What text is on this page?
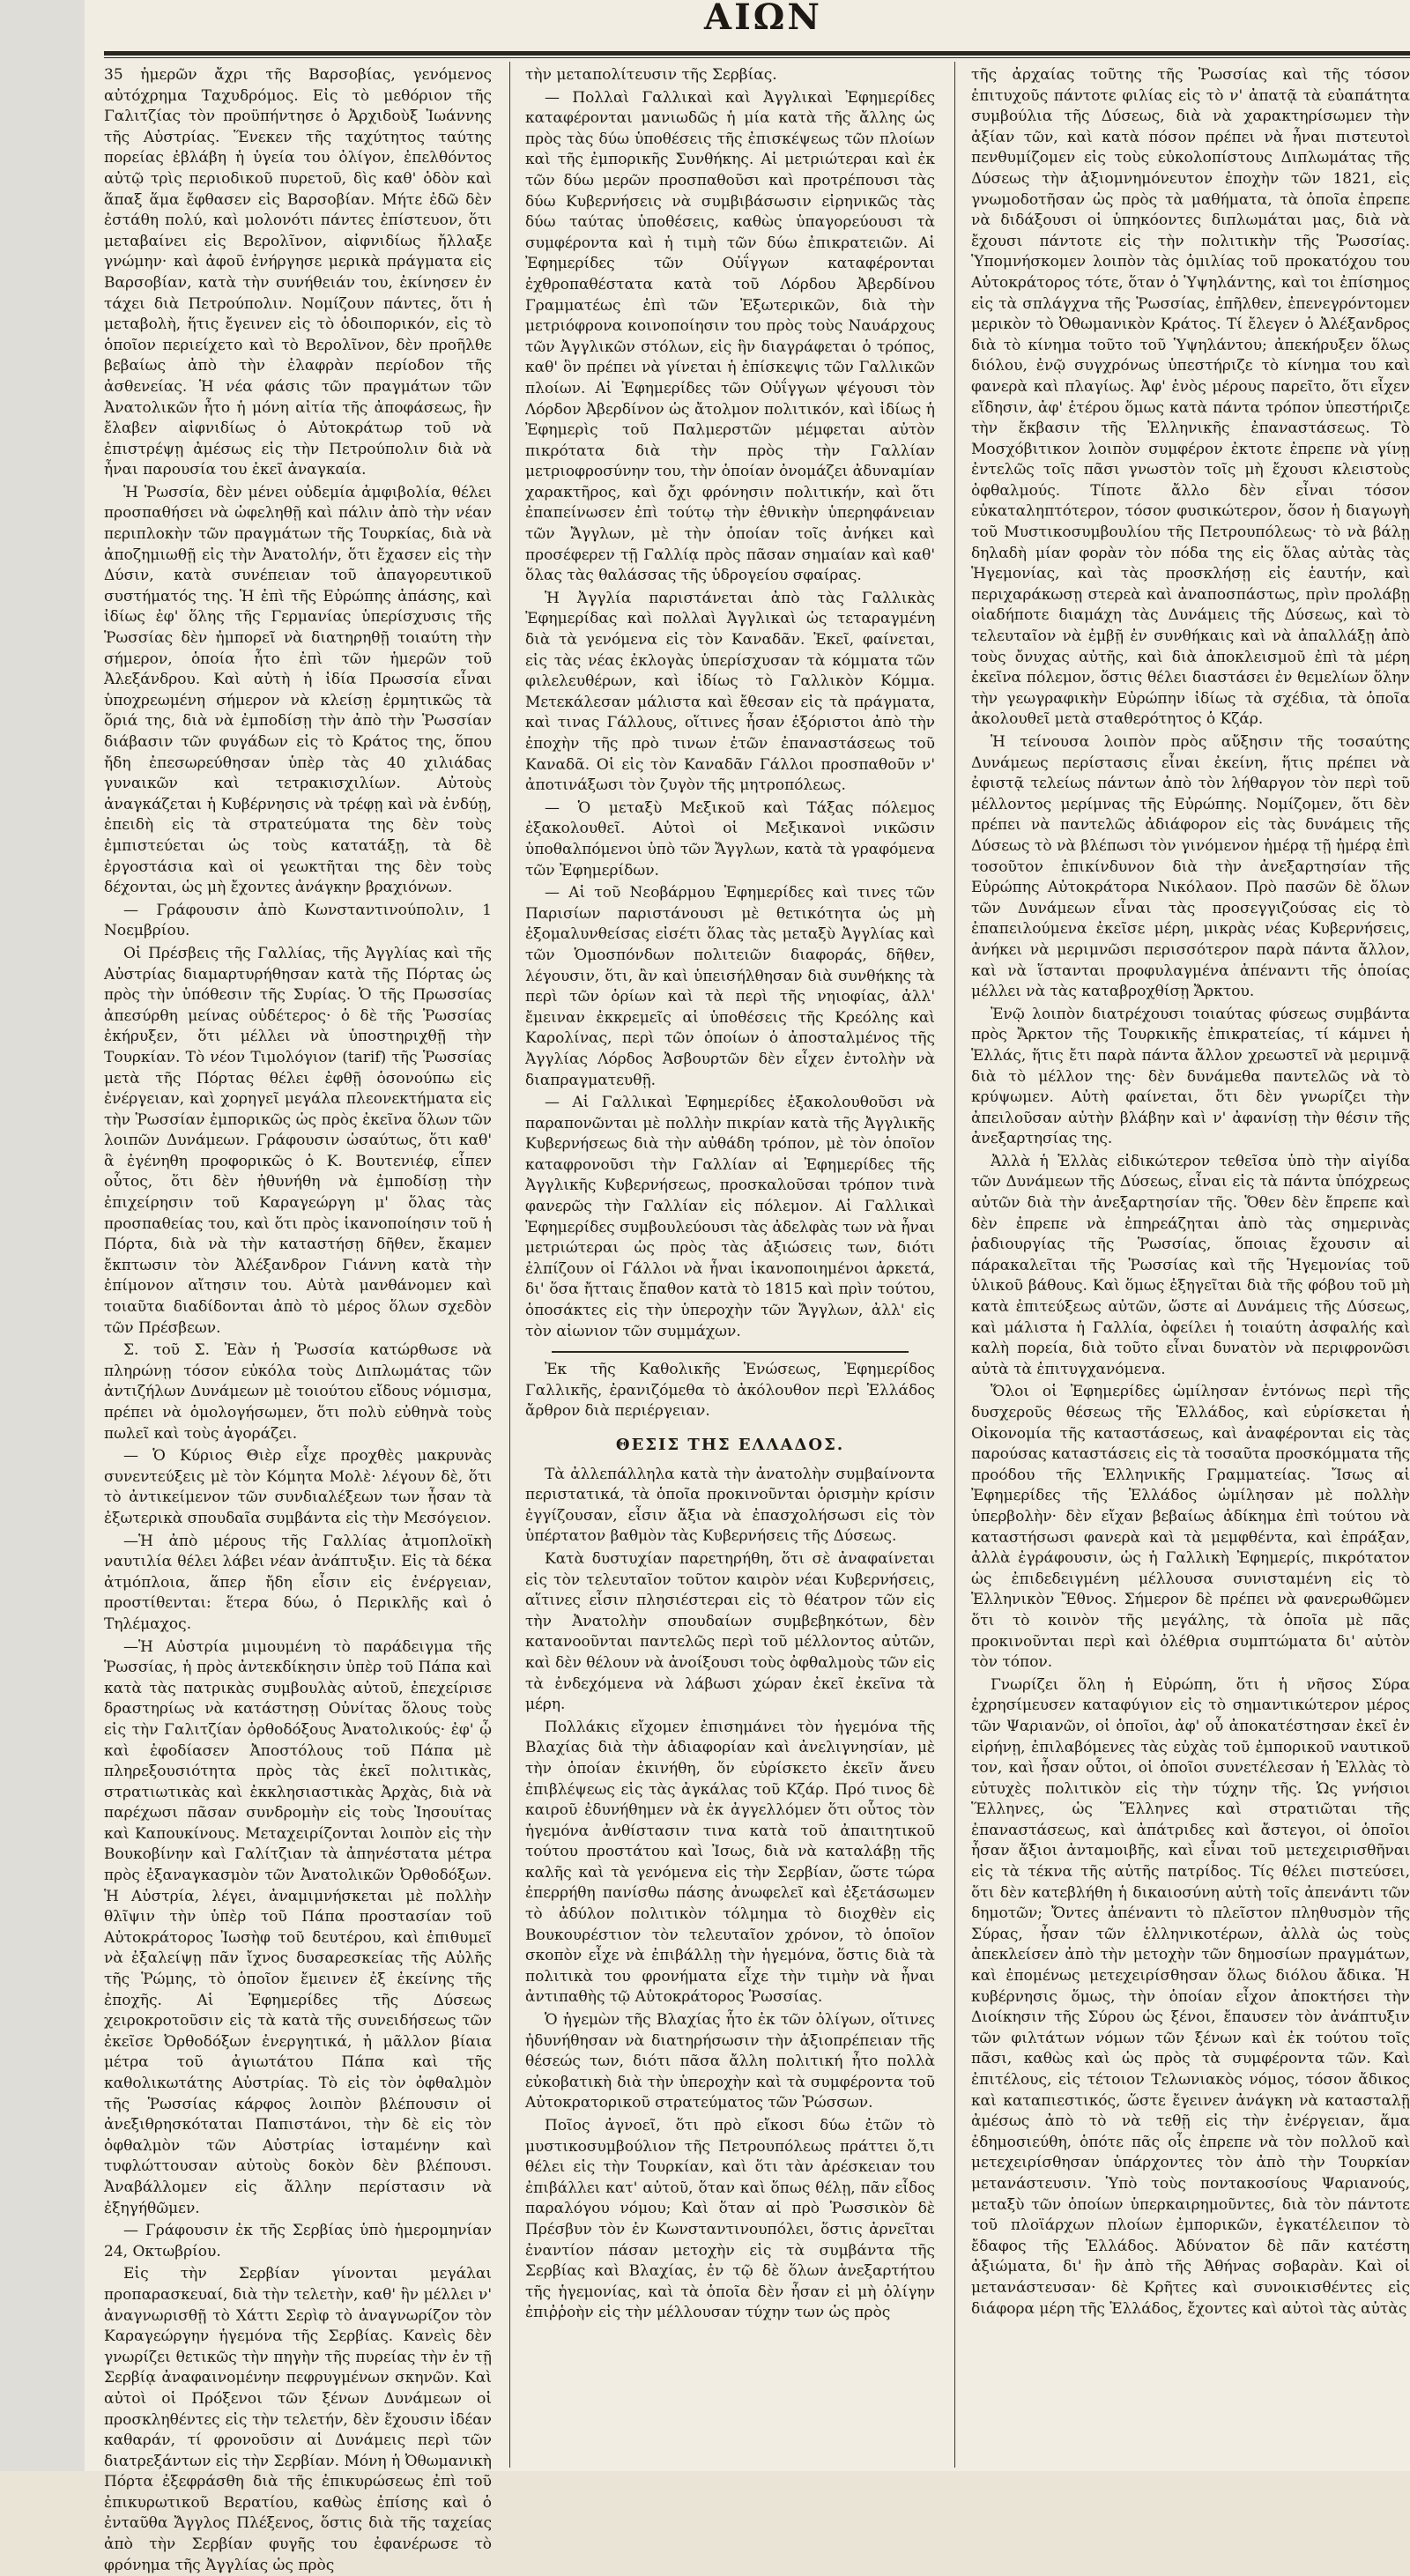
ΑΙΩΝ

35 ἡμερῶν ἄχρι τῆς Βαρσοβίας, γενόμενος αὐτόχρημα Ταχυδρόμος. Εἰς τὸ μεθόριον τῆς Γαλιτζίας τὸν προϋπήντησε ὁ Ἀρχιδοὺξ Ἰωάννης τῆς Αὐστρίας. Ἕνεκεν τῆς ταχύτητος ταύτης πορείας ἐβλάβη ἡ ὑγεία του ὀλίγον, ἐπελθόντος αὐτῷ τρὶς περιοδικοῦ πυρετοῦ, δὶς καθ' ὁδὸν καὶ ἅπαξ ἅμα ἔφθασεν εἰς Βαρσοβίαν. Μήτε ἐδῶ δὲν ἐστάθη πολύ, καὶ μολονότι πάντες ἐπίστευον, ὅτι μεταβαίνει εἰς Βερολῖνον, αἰφνιδίως ἤλλαξε γνώμην· καὶ ἀφοῦ ἐνήργησε μερικὰ πράγματα εἰς Βαρσοβίαν, κατὰ τὴν συνήθειάν του, ἐκίνησεν ἐν τάχει διὰ Πετρούπολιν. Νομίζουν πάντες, ὅτι ἡ μεταβολὴ, ἥτις ἔγεινεν εἰς τὸ ὁδοιπορικόν, εἰς τὸ ὁποῖον περιείχετο καὶ τὸ Βερολῖνον, δὲν προῆλθε βεβαίως ἀπὸ τὴν ἐλαφρὰν περίοδον τῆς ἀσθενείας. Ἡ νέα φάσις τῶν πραγμάτων τῶν Ἀνατολικῶν ἦτο ἡ μόνη αἰτία τῆς ἀποφάσεως, ἣν ἔλαβεν αἰφνιδίως ὁ Αὐτοκράτωρ τοῦ νὰ ἐπιστρέψῃ ἀμέσως εἰς τὴν Πετρούπολιν διὰ νὰ ἦναι παρουσία του ἐκεῖ ἀναγκαία.

Ἡ Ῥωσσία, δὲν μένει οὐδεμία ἀμφιβολία, θέλει προσπαθήσει νὰ ὠφεληθῇ καὶ πάλιν ἀπὸ τὴν νέαν περιπλοκὴν τῶν πραγμάτων τῆς Τουρκίας, διὰ νὰ ἀποζημιωθῇ εἰς τὴν Ἀνατολήν, ὅτι ἔχασεν εἰς τὴν Δύσιν, κατὰ συνέπειαν τοῦ ἀπαγορευτικοῦ συστήματός της. Ἡ ἐπὶ τῆς Εὐρώπης ἀπάσης, καὶ ἰδίως ἐφ' ὅλης τῆς Γερμανίας ὑπερίσχυσις τῆς Ῥωσσίας δὲν ἠμπορεῖ νὰ διατηρηθῇ τοιαύτη τὴν σήμερον, ὁποία ἦτο ἐπὶ τῶν ἡμερῶν τοῦ Ἀλεξάνδρου. Καὶ αὐτὴ ἡ ἰδία Πρωσσία εἶναι ὑποχρεωμένη σήμερον νὰ κλείσῃ ἐρμητικῶς τὰ ὅριά της, διὰ νὰ ἐμποδίσῃ τὴν ἀπὸ τὴν Ῥωσσίαν διάβασιν τῶν φυγάδων εἰς τὸ Κράτος της, ὅπου ἤδη ἐπεσωρεύθησαν ὑπὲρ τὰς 40 χιλιάδας γυναικῶν καὶ τετρακισχιλίων. Αὐτοὺς ἀναγκάζεται ἡ Κυβέρνησις νὰ τρέφῃ καὶ νὰ ἐνδύῃ, ἐπειδὴ εἰς τὰ στρατεύματα της δὲν τοὺς ἐμπιστεύεται ὡς τοὺς κατατάξῃ, τὰ δὲ ἐργοστάσια καὶ οἱ γεωκτῆται της δὲν τοὺς δέχονται, ὡς μὴ ἔχοντες ἀνάγκην βραχιόνων.

— Γράφουσιν ἀπὸ Κωνσταντινούπολιν, 1 Νοεμβρίου.

Οἱ Πρέσβεις τῆς Γαλλίας, τῆς Ἀγγλίας καὶ τῆς Αὐστρίας διαμαρτυρήθησαν κατὰ τῆς Πόρτας ὡς πρὸς τὴν ὑπόθεσιν τῆς Συρίας. Ὁ τῆς Πρωσσίας ἀπεσύρθη μείνας οὐδέτερος· ὁ δὲ τῆς Ῥωσσίας ἐκήρυξεν, ὅτι μέλλει νὰ ὑποστηριχθῇ τὴν Τουρκίαν. Τὸ νέον Τιμολόγιον (tarif) τῆς Ῥωσσίας μετὰ τῆς Πόρτας θέλει ἐφθῇ ὁσονούπω εἰς ἐνέργειαν, καὶ χορηγεῖ μεγάλα πλεονεκτήματα εἰς τὴν Ῥωσσίαν ἐμπορικῶς ὡς πρὸς ἐκεῖνα ὅλων τῶν λοιπῶν Δυνάμεων. Γράφουσιν ὡσαύτως, ὅτι καθ' ἃ ἐγένηθη προφορικῶς ὁ Κ. Βουτενιέφ, εἶπεν οὗτος, ὅτι δὲν ἠθυνήθη νὰ ἐμποδίσῃ τὴν ἐπιχείρησιν τοῦ Καραγεώργη μ' ὅλας τὰς προσπαθείας του, καὶ ὅτι πρὸς ἱκανοποίησιν τοῦ ἡ Πόρτα, διὰ νὰ τὴν καταστήσῃ δῆθεν, ἔκαμεν ἔκπτωσιν τὸν Ἀλέξανδρον Γιάννη κατὰ τὴν ἐπίμονον αἴτησιν του. Αὐτὰ μανθάνομεν καὶ τοιαῦτα διαδίδονται ἀπὸ τὸ μέρος ὅλων σχεδὸν τῶν Πρέσβεων.

Σ. τοῦ Σ. Ἐὰν ἡ Ῥωσσία κατώρθωσε νὰ πληρώνῃ τόσον εὐκόλα τοὺς Διπλωμάτας τῶν ἀντιζήλων Δυνάμεων μὲ τοιούτου εἴδους νόμισμα, πρέπει νὰ ὁμολογήσωμεν, ὅτι πολὺ εὐθηνὰ τοὺς πωλεῖ καὶ τοὺς ἀγοράζει.

— Ὁ Κύριος Θιὲρ εἶχε προχθὲς μακρυνὰς συνεντεύξεις μὲ τὸν Κόμητα Μολὲ· λέγουν δὲ, ὅτι τὸ ἀντικείμενον τῶν συνδιαλέξεων των ἦσαν τὰ ἐξωτερικὰ σπουδαῖα συμβάντα εἰς τὴν Μεσόγειον.

—Ἡ ἀπὸ μέρους τῆς Γαλλίας ἀτμοπλοϊκὴ ναυτιλία θέλει λάβει νέαν ἀνάπτυξιν. Εἰς τὰ δέκα ἀτμόπλοια, ἅπερ ἤδη εἶσιν εἰς ἐνέργειαν, προστίθενται: ἕτερα δύω, ὁ Περικλῆς καὶ ὁ Τηλέμαχος.

—Ἡ Αὐστρία μιμουμένη τὸ παράδειγμα τῆς Ῥωσσίας, ἡ πρὸς ἀντεκδίκησιν ὑπὲρ τοῦ Πάπα καὶ κατὰ τὰς πατρικὰς συμβουλὰς αὐτοῦ, ἐπεχείρισε δραστηρίως νὰ κατάστησῃ Οὐνίτας ὅλους τοὺς εἰς τὴν Γαλιτζίαν ὀρθοδόξους Ἀνατολικούς· ἐφ' ᾧ καὶ ἐφοδίασεν Ἀποστόλους τοῦ Πάπα μὲ πληρεξουσιότητα πρὸς τὰς ἐκεῖ πολιτικὰς, στρατιωτικὰς καὶ ἐκκλησιαστικὰς Ἀρχὰς, διὰ νὰ παρέχωσι πᾶσαν συνδρομὴν εἰς τοὺς Ἰησουίτας καὶ Καπουκίνους. Μεταχειρίζονται λοιπὸν εἰς τὴν Βουκοβίνην καὶ Γαλίτζιαν τὰ ἀπηνέστατα μέτρα πρὸς ἐξαναγκασμὸν τῶν Ἀνατολικῶν Ὀρθοδόξων. Ἡ Αὐστρία, λέγει, ἀναμιμνήσκεται μὲ πολλὴν θλῖψιν τὴν ὑπὲρ τοῦ Πάπα προστασίαν τοῦ Αὐτοκράτορος Ἰωσὴφ τοῦ δευτέρου, καὶ ἐπιθυμεῖ νὰ ἐξαλείψῃ πᾶν ἴχνος δυσαρεσκείας τῆς Αὐλῆς τῆς Ῥώμης, τὸ ὁποῖον ἔμεινεν ἐξ ἐκείνης τῆς ἐποχῆς. Αἱ Ἐφημερίδες τῆς Δύσεως χειροκροτοῦσιν εἰς τὰ κατὰ τῆς συνειδήσεως τῶν ἐκεῖσε Ὀρθοδόξων ἐνεργητικά, ἡ μᾶλλον βίαια μέτρα τοῦ ἀγιωτάτου Πάπα καὶ τῆς καθολικωτάτης Αὐστρίας. Τὸ εἰς τὸν ὀφθαλμὸν τῆς Ῥωσσίας κάρφος λοιπὸν βλέπουσιν οἱ ἀνεξιθρησκόταται Παπιστάνοι, τὴν δὲ εἰς τὸν ὀφθαλμὸν τῶν Αὐστρίας ἰσταμένην καὶ τυφλώττουσαν αὐτοὺς δοκὸν δὲν βλέπουσι. Ἀναβάλλομεν εἰς ἄλλην περίστασιν νὰ ἐξηγήθῶμεν.

— Γράφουσιν ἐκ τῆς Σερβίας ὑπὸ ἡμερομηνίαν 24, Οκτωβρίου.

Εἰς τὴν Σερβίαν γίνονται μεγάλαι προπαρασκευαί, διὰ τὴν τελετὴν, καθ' ἣν μέλλει ν' ἀναγνωρισθῇ τὸ Χάττι Σερὶφ τὸ ἀναγνωρίζον τὸν Καραγεώργην ἡγεμόνα τῆς Σερβίας. Κανεὶς δὲν γνωρίζει θετικῶς τὴν πηγὴν τῆς πυρείας τὴν ἐν τῇ Σερβίᾳ ἀναφαινομένην πεφρυγμένων σκηνῶν. Καὶ αὐτοὶ οἱ Πρόξενοι τῶν ξένων Δυνάμεων οἱ προσκληθέντες εἰς τὴν τελετήν, δὲν ἔχουσιν ἰδέαν καθαράν, τί φρονοῦσιν αἱ Δυνάμεις περὶ τῶν διατρεξάντων εἰς τὴν Σερβίαν. Μόνη ἡ Ὀθωμανικὴ Πόρτα ἐξεφράσθη διὰ τῆς ἐπικυρώσεως ἐπὶ τοῦ ἐπικυρωτικοῦ Βερατίου, καθὼς ἐπίσης καὶ ὁ ἐνταῦθα Ἄγγλος Πλέξενος, ὅστις διὰ τῆς ταχείας ἀπὸ τὴν Σερβίαν φυγῆς του ἐφανέρωσε τὸ φρόνημα τῆς Ἀγγλίας ὡς πρὸς

τὴν μεταπολίτευσιν τῆς Σερβίας.

— Πολλαὶ Γαλλικαὶ καὶ Ἀγγλικαὶ Ἐφημερίδες καταφέρονται μανιωδῶς ἡ μία κατὰ τῆς ἄλλης ὡς πρὸς τὰς δύω ὑποθέσεις τῆς ἐπισκέψεως τῶν πλοίων καὶ τῆς ἐμπορικῆς Συνθήκης. Αἱ μετριώτεραι καὶ ἐκ τῶν δύω μερῶν προσπαθοῦσι καὶ προτρέπουσι τὰς δύω Κυβερνήσεις νὰ συμβιβάσωσιν εἰρηνικῶς τὰς δύω ταύτας ὑποθέσεις, καθὼς ὑπαγορεύουσι τὰ συμφέροντα καὶ ἡ τιμὴ τῶν δύω ἐπικρατειῶν. Αἱ Ἐφημερίδες τῶν Οὐΐγγων καταφέρονται ἐχθροπαθέστατα κατὰ τοῦ Λόρδου Ἀβερδίνου Γραμματέως ἐπὶ τῶν Ἐξωτερικῶν, διὰ τὴν μετριόφρονα κοινοποίησιν του πρὸς τοὺς Ναυάρχους τῶν Ἀγγλικῶν στόλων, εἰς ἣν διαγράφεται ὁ τρόπος, καθ' ὃν πρέπει νὰ γίνεται ἡ ἐπίσκεψις τῶν Γαλλικῶν πλοίων. Αἱ Ἐφημερίδες τῶν Οὐΐγγων ψέγουσι τὸν Λόρδον Ἀβερδίνον ὡς ἄτολμον πολιτικόν, καὶ ἰδίως ἡ Ἐφημερὶς τοῦ Παλμερστῶν μέμφεται αὐτὸν πικρότατα διὰ τὴν πρὸς τὴν Γαλλίαν μετριοφροσύνην του, τὴν ὁποίαν ὀνομάζει ἀδυναμίαν χαρακτῆρος, καὶ ὄχι φρόνησιν πολιτικήν, καὶ ὅτι ἐπαπείνωσεν ἐπὶ τούτῳ τὴν ἐθνικὴν ὑπερηφάνειαν τῶν Ἄγγλων, μὲ τὴν ὁποίαν τοῖς ἀνήκει καὶ προσέφερεν τῇ Γαλλίᾳ πρὸς πᾶσαν σημαίαν καὶ καθ' ὅλας τὰς θαλάσσας τῆς ὑδρογείου σφαίρας.

Ἡ Ἀγγλία παριστάνεται ἀπὸ τὰς Γαλλικὰς Ἐφημερίδας καὶ πολλαὶ Ἀγγλικαὶ ὡς τεταραγμένη διὰ τὰ γενόμενα εἰς τὸν Καναδᾶν. Ἐκεῖ, φαίνεται, εἰς τὰς νέας ἐκλογὰς ὑπερίσχυσαν τὰ κόμματα τῶν φιλελευθέρων, καὶ ἰδίως τὸ Γαλλικὸν Κόμμα. Μετεκάλεσαν μάλιστα καὶ ἔθεσαν εἰς τὰ πράγματα, καὶ τινας Γάλλους, οἵτινες ἦσαν ἐξόριστοι ἀπὸ τὴν ἐποχὴν τῆς πρὸ τινων ἐτῶν ἐπαναστάσεως τοῦ Καναδᾶ. Οἱ εἰς τὸν Καναδᾶν Γάλλοι προσπαθοῦν ν' ἀποτινάξωσι τὸν ζυγὸν τῆς μητροπόλεως.

— Ὁ μεταξὺ Μεξικοῦ καὶ Τάξας πόλεμος ἐξακολουθεῖ. Αὐτοὶ οἱ Μεξικανοὶ νικῶσιν ὑποθαλπόμενοι ὑπὸ τῶν Ἄγγλων, κατὰ τὰ γραφόμενα τῶν Ἐφημερίδων.

— Αἱ τοῦ Νεοβάρμου Ἐφημερίδες καὶ τινες τῶν Παρισίων παριστάνουσι μὲ θετικότητα ὡς μὴ ἐξομαλυνθείσας εἰσέτι ὅλας τὰς μεταξὺ Ἀγγλίας καὶ τῶν Ὁμοσπόνδων πολιτειῶν διαφοράς, δῆθεν, λέγουσιν, ὅτι, ἂν καὶ ὑπεισήλθησαν διὰ συνθήκης τὰ περὶ τῶν ὁρίων καὶ τὰ περὶ τῆς νηιοφίας, ἀλλ' ἔμειναν ἐκκρεμεῖς αἱ ὑποθέσεις τῆς Κρεόλης καὶ Καρολίνας, περὶ τῶν ὁποίων ὁ ἀποσταλμένος τῆς Ἀγγλίας Λόρδος Ἀσβουρτῶν δὲν εἶχεν ἐντολὴν νὰ διαπραγματευθῇ.

— Αἱ Γαλλικαὶ Ἐφημερίδες ἐξακολουθοῦσι νὰ παραπονῶνται μὲ πολλὴν πικρίαν κατὰ τῆς Ἀγγλικῆς Κυβερνήσεως διὰ τὴν αὐθάδη τρόπον, μὲ τὸν ὁποῖον καταφρονοῦσι τὴν Γαλλίαν αἱ Ἐφημερίδες τῆς Ἀγγλικῆς Κυβερνήσεως, προσκαλοῦσαι τρόπον τινὰ φανερῶς τὴν Γαλλίαν εἰς πόλεμον. Αἱ Γαλλικαὶ Ἐφημερίδες συμβουλεύουσι τὰς ἀδελφὰς των νὰ ἦναι μετριώτεραι ὡς πρὸς τὰς ἀξιώσεις των, διότι ἐλπίζουν οἱ Γάλλοι νὰ ἦναι ἱκανοποιημένοι ἀρκετά, δι' ὅσα ἤτταις ἔπαθον κατὰ τὸ 1815 καὶ πρὶν τούτου, ὁποσάκτες εἰς τὴν ὑπεροχὴν τῶν Ἄγγλων, ἀλλ' εἰς τὸν αἰωνιον τῶν συμμάχων.

Ἐκ τῆς Καθολικῆς Ἑνώσεως, Ἐφημερίδος Γαλλικῆς, ἐρανιζόμεθα τὸ ἀκόλουθον περὶ Ἑλλάδος ἄρθρον διὰ περιέργειαν.

ΘΕΣΙΣ ΤΗΣ ΕΛΛΑΔΟΣ.

Τὰ ἀλλεπάλληλα κατὰ τὴν ἀνατολὴν συμβαίνοντα περιστατικά, τὰ ὁποῖα προκινοῦνται ὁρισμὴν κρίσιν ἐγγίζουσαν, εἶσιν ἄξια νὰ ἐπασχολήσωσι εἰς τὸν ὑπέρτατον βαθμὸν τὰς Κυβερνήσεις τῆς Δύσεως.

Κατὰ δυστυχίαν παρετηρήθη, ὅτι σὲ ἀναφαίνεται εἰς τὸν τελευταῖον τοῦτον καιρὸν νέαι Κυβερνήσεις, αἵτινες εἶσιν πλησιέστεραι εἰς τὸ θέατρον τῶν εἰς τὴν Ἀνατολὴν σπουδαίων συμβεβηκότων, δὲν κατανοοῦνται παντελῶς περὶ τοῦ μέλλοντος αὐτῶν, καὶ δὲν θέλουν νὰ ἀνοίξουσι τοὺς ὀφθαλμοὺς τῶν εἰς τὰ ἐνδεχόμενα νὰ λάβωσι χώραν ἐκεῖ ἐκεῖνα τὰ μέρη.

Πολλάκις εἴχομεν ἐπισημάνει τὸν ἡγεμόνα τῆς Βλαχίας διὰ τὴν ἀδιαφορίαν καὶ ἀνελιγνησίαν, μὲ τὴν ὁποίαν ἐκινήθη, ὅν εὑρίσκετο ἐκεῖν ἄνευ ἐπιβλέψεως εἰς τὰς ἀγκάλας τοῦ Κζάρ. Πρό τινος δὲ καιροῦ ἐδυνήθημεν νὰ ἐκ ἀγγελλόμεν ὅτι οὗτος τὸν ἡγεμόνα ἀνθίστασιν τινα κατὰ τοῦ ἀπαιτητικοῦ τούτου προστάτου καὶ Ἰσως, διὰ νὰ καταλάβῃ τῆς καλῆς καὶ τὰ γενόμενα εἰς τὴν Σερβίαν, ὥστε τώρα ἐπερρήθη πανίσθω πάσης ἀνωφελεῖ καὶ ἐξετάσωμεν τὸ ἀδύλον πολιτικὸν τόλμημα τὸ διοχθὲν εἰς Βουκουρέστιον τὸν τελευταῖον χρόνον, τὸ ὁποῖον σκοπὸν εἶχε νὰ ἐπιβάλλῃ τὴν ἡγεμόνα, ὅστις διὰ τὰ πολιτικὰ του φρονήματα εἶχε τὴν τιμὴν νὰ ἦναι ἀντιπαθὴς τῷ Αὐτοκράτορος Ῥωσσίας.

Ὁ ἡγεμὼν τῆς Βλαχίας ἦτο ἐκ τῶν ὀλίγων, οἵτινες ἠδυνήθησαν νὰ διατηρήσωσιν τὴν ἀξιοπρέπειαν τῆς θέσεώς των, διότι πᾶσα ἄλλη πολιτική ἦτο πολλὰ εὐκοβατικὴ διὰ τὴν ὑπεροχὴν καὶ τὰ συμφέροντα τοῦ Αὐτοκρατορικοῦ στρατεύματος τῶν Ῥώσσων.

Ποῖος ἀγνοεῖ, ὅτι πρὸ εἴκοσι δύω ἐτῶν τὸ μυστικοσυμβούλιον τῆς Πετρουπόλεως πράττει ὅ,τι θέλει εἰς τὴν Τουρκίαν, καὶ ὅτι τὰν ἀρέσκειαν του ἐπιβάλλει κατ' αὐτοῦ, ὅταν καὶ ὅπως θέλῃ, πᾶν εἶδος παραλόγου νόμου; Καὶ ὅταν αἱ πρὸ Ῥωσσικὸν δὲ Πρέσβυν τὸν ἐν Κωνσταντινουπόλει, ὅστις ἀρνεῖται ἐναντίον πάσαν μετοχὴν εἰς τὰ συμβάντα τῆς Σερβίας καὶ Βλαχίας, ἐν τῷ δὲ ὅλων ἀνεξαρτήτου τῆς ἡγεμονίας, καὶ τὰ ὁποῖα δὲν ἦσαν εἰ μὴ ὀλίγην ἐπιῤῥοὴν εἰς τὴν μέλλουσαν τύχην των ὡς πρὸς

τῆς ἀρχαίας τοῦτης τῆς Ῥωσσίας καὶ τῆς τόσον ἐπιτυχοῦς πάντοτε φιλίας εἰς τὸ ν' ἀπατᾷ τὰ εὐαπάτητα συμβούλια τῆς Δύσεως, διὰ νὰ χαρακτηρίσωμεν τὴν ἀξίαν τῶν, καὶ κατὰ πόσον πρέπει νὰ ἦναι πιστευτοὶ πενθυμίζομεν εἰς τοὺς εὐκολοπίστους Διπλωμάτας τῆς Δύσεως τὴν ἀξιομνημόνευτον ἐποχὴν τῶν 1821, εἰς γνωμοδοτῆσαν ὡς πρὸς τὰ μαθήματα, τὰ ὁποῖα ἐπρεπε νὰ διδάξουσι οἱ ὑπηκόοντες διπλωμάται μας, διὰ νὰ ἔχουσι πάντοτε εἰς τὴν πολιτικὴν τῆς Ῥωσσίας. Ὑπομνήσκομεν λοιπὸν τὰς ὁμιλίας τοῦ προκατόχου του Αὐτοκράτορος τότε, ὅταν ὁ Ὑψηλάντης, καὶ τοι ἐπίσημος εἰς τὰ σπλάγχνα τῆς Ῥωσσίας, ἐπῆλθεν, ἐπενεγρόντομεν μερικὸν τὸ Ὀθωμανικὸν Κράτος. Τί ἔλεγεν ὁ Ἀλέξανδρος διὰ τὸ κίνημα τοῦτο τοῦ Ὑψηλάντου; ἀπεκήρυξεν ὅλως διόλου, ἐνῷ συγχρόνως ὑπεστήριζε τὸ κίνημα του καὶ φανερὰ καὶ πλαγίως. Ἀφ' ἑνὸς μέρους παρεῖτο, ὅτι εἶχεν εἴδησιν, ἀφ' ἑτέρου ὅμως κατὰ πάντα τρόπον ὑπεστήριζε τὴν ἔκβασιν τῆς Ἑλληνικῆς ἐπαναστάσεως. Τὸ Μοσχόβιτικον λοιπὸν συμφέρον ἐκτοτε ἐπρεπε νὰ γίνῃ ἐντελῶς τοῖς πᾶσι γνωστὸν τοῖς μὴ ἔχουσι κλειστοὺς ὀφθαλμούς. Τίποτε ἄλλο δὲν εἶναι τόσον εὐκαταληπτότερον, τόσον φυσικώτερον, ὅσον ἡ διαγωγὴ τοῦ Μυστικοσυμβουλίου τῆς Πετρουπόλεως· τὸ νὰ βάλῃ δηλαδὴ μίαν φορὰν τὸν πόδα της εἰς ὅλας αὐτὰς τὰς Ἡγεμονίας, καὶ τὰς προσκλήσῃ εἰς ἑαυτήν, καὶ περιχαράκωσῃ στερεὰ καὶ ἀναποσπάστως, πρὶν προλάβῃ οἰαδήποτε διαμάχη τὰς Δυνάμεις τῆς Δύσεως, καὶ τὸ τελευταῖον νὰ ἐμβῇ ἐν συνθήκαις καὶ νὰ ἀπαλλάξῃ ἀπὸ τοὺς ὄνυχας αὐτῆς, καὶ διὰ ἀποκλεισμοῦ ἐπὶ τὰ μέρη ἐκεῖνα πόλεμον, ὅστις θέλει διαστάσει ἐν θεμελίων ὅλην τὴν γεωγραφικὴν Εὐρώπην ἰδίως τὰ σχέδια, τὰ ὁποῖα ἀκολουθεῖ μετὰ σταθερότητος ὁ Κζάρ.

Ἡ τείνουσα λοιπὸν πρὸς αὔξησιν τῆς τοσαύτης Δυνάμεως περίστασις εἶναι ἐκείνη, ἥτις πρέπει νὰ ἐφιστᾷ τελείως πάντων ἀπὸ τὸν λήθαργον τὸν περὶ τοῦ μέλλοντος μερίμνας τῆς Εὐρώπης. Νομίζομεν, ὅτι δὲν πρέπει νὰ παντελῶς ἀδιάφορον εἰς τὰς δυνάμεις τῆς Δύσεως τὸ νὰ βλέπωσι τὸν γινόμενον ἡμέρᾳ τῇ ἡμέρᾳ ἐπὶ τοσοῦτον ἐπικίνδυνον διὰ τὴν ἀνεξαρτησίαν τῆς Εὐρώπης Αὐτοκράτορα Νικόλαον. Πρὸ πασῶν δὲ ὅλων τῶν Δυνάμεων εἶναι τὰς προσεγγιζούσας εἰς τὸ ἐπαπειλούμενα ἐκεῖσε μέρη, μικρὰς νέας Κυβερνήσεις, ἀνήκει νὰ μεριμνῶσι περισσότερον παρὰ πάντα ἄλλον, καὶ νὰ ἵστανται προφυλαγμένα ἀπέναντι τῆς ὁποίας μέλλει νὰ τὰς καταβροχθίσῃ Ἄρκτου.

Ἐνῷ λοιπὸν διατρέχουσι τοιαύτας φύσεως συμβάντα πρὸς Ἄρκτον τῆς Τουρκικῆς ἐπικρατείας, τί κάμνει ἡ Ἑλλάς, ἥτις ἔτι παρὰ πάντα ἄλλον χρεωστεῖ νὰ μεριμνᾷ διὰ τὸ μέλλον της· δὲν δυνάμεθα παντελῶς νὰ τὸ κρύψωμεν. Αὐτὴ φαίνεται, ὅτι δὲν γνωρίζει τὴν ἀπειλοῦσαν αὐτὴν βλάβην καὶ ν' ἀφανίσῃ τὴν θέσιν τῆς ἀνεξαρτησίας της.

Ἀλλὰ ἡ Ἑλλὰς εἰδικώτερον τεθεῖσα ὑπὸ τὴν αἰγίδα τῶν Δυνάμεων τῆς Δύσεως, εἶναι εἰς τὰ πάντα ὑπόχρεως αὐτῶν διὰ τὴν ἀνεξαρτησίαν τῆς. Ὅθεν δὲν ἔπρεπε καὶ δὲν ἐπρεπε νὰ ἐπηρεάζηται ἀπὸ τὰς σημερινὰς ῥαδιουργίας τῆς Ῥωσσίας, ὅποιας ἔχουσιν αἱ πάρακαλεῖται τῆς Ῥωσσίας καὶ τῆς Ἡγεμονίας τοῦ ὑλικοῦ βάθους. Καὶ ὅμως ἐξηγεῖται διὰ τῆς φόβου τοῦ μὴ κατὰ ἐπιτεύξεως αὐτῶν, ὥστε αἱ Δυνάμεις τῆς Δύσεως, καὶ μάλιστα ἡ Γαλλία, ὀφείλει ἡ τοιαύτη ἀσφαλής καὶ καλὴ πορεία, διὰ τοῦτο εἶναι δυνατὸν νὰ περιφρονῶσι αὐτὰ τὰ ἐπιτυγχανόμενα.

Ὅλοι οἱ Ἐφημερίδες ὡμίλησαν ἐντόνως περὶ τῆς δυσχεροῦς θέσεως τῆς Ἑλλάδος, καὶ εὑρίσκεται ἡ Οἰκονομία τῆς καταστάσεως, καὶ ἀναφέρονται εἰς τὰς παρούσας καταστάσεις εἰς τὰ τοσαῦτα προσκόμματα τῆς προόδου τῆς Ἑλληνικῆς Γραμματείας. Ἴσως αἱ Ἐφημερίδες τῆς Ἑλλάδος ὡμίλησαν μὲ πολλὴν ὑπερβολὴν· δὲν εἴχαν βεβαίως ἀδίκημα ἐπὶ τούτου νὰ καταστήσωσι φανερὰ καὶ τὰ μεμφθέντα, καὶ ἐπράξαν, ἀλλὰ ἐγράφουσιν, ὡς ἡ Γαλλικὴ Ἐφημερίς, πικρότατον ὡς ἐπιδεδειγμένη μέλλουσα συνισταμένη εἰς τὸ Ἑλληνικὸν Ἔθνος. Σήμερον δὲ πρέπει νὰ φανερωθῶμεν ὅτι τὸ κοινὸν τῆς μεγάλης, τὰ ὁποῖα μὲ πᾶς προκινοῦνται περὶ καὶ ὀλέθρια συμπτώματα δι' αὐτὸν τὸν τόπον.

Γνωρίζει ὅλη ἡ Εὐρώπη, ὅτι ἡ νῆσος Σύρα ἐχρησίμευσεν καταφύγιον εἰς τὸ σημαντικώτερον μέρος τῶν Ψαριανῶν, οἱ ὁποῖοι, ἀφ' οὗ ἀποκατέστησαν ἐκεῖ ἐν εἰρήνῃ, ἐπιλαβόμενες τὰς εὐχὰς τοῦ ἐμπορικοῦ ναυτικοῦ τον, καὶ ἦσαν οὗτοι, οἱ ὁποῖοι συνετέλεσαν ἡ Ἑλλὰς τὸ εὐτυχὲς πολιτικὸν εἰς τὴν τύχην τῆς. Ὡς γνήσιοι Ἕλληνες, ὡς Ἕλληνες καὶ στρατιῶται τῆς ἐπαναστάσεως, καὶ ἀπάτριδες καὶ ἄστεγοι, οἱ ὁποῖοι ἦσαν ἄξιοι ἀνταμοιβῆς, καὶ εἶναι τοῦ μετεχειρισθῆναι εἰς τὰ τέκνα τῆς αὐτῆς πατρίδος. Τίς θέλει πιστεύσει, ὅτι δὲν κατεβλήθη ἡ δικαιοσύνη αὐτὴ τοῖς ἀπενάντι τῶν δημοτῶν; Ὄντες ἀπέναντι τὸ πλεῖστον πληθυσμὸν τῆς Σύρας, ἦσαν τῶν ἑλληνικοτέρων, ἀλλὰ ὡς τοὺς ἀπεκλείσεν ἀπὸ τὴν μετοχὴν τῶν δημοσίων πραγμάτων, καὶ ἐπομένως μετεχειρίσθησαν ὅλως διόλου ἄδικα. Ἡ κυβέρνησις ὅμως, τὴν ὁποίαν εἶχον ἀποκτήσει τὴν Διοίκησιν τῆς Σύρου ὡς ξένοι, ἔπαυσεν τὸν ἀνάπτυξιν τῶν φιλτάτων νόμων τῶν ξένων καὶ ἐκ τούτου τοῖς πᾶσι, καθὼς καὶ ὡς πρὸς τὰ συμφέροντα τῶν. Καὶ ἐπιτέλους, εἰς τέτοιον Τελωνιακὸς νόμος, τόσον ἄδικος καὶ καταπιεστικός, ὥστε ἔγεινεν ἀνάγκη νὰ κατασταλῇ ἀμέσως ἀπὸ τὸ νὰ τεθῇ εἰς τὴν ἐνέργειαν, ἅμα ἐδημοσιεύθη, ὁπότε πᾶς οἷς ἐπρεπε νὰ τὸν πολλοῦ καὶ μετεχειρίσθησαν ὑπάρχοντες τὸν ἀπὸ τὴν Τουρκίαν μετανάστευσιν. Ὑπὸ τοὺς ποντακοσίους Ψαριανούς, μεταξὺ τῶν ὁποίων ὑπερκαιρημοῦντες, διὰ τὸν πάντοτε τοῦ πλοϊάρχων πλοίων ἐμπορικῶν, ἐγκατέλειπον τὸ ἔδαφος τῆς Ἑλλάδος. Ἀδύνατον δὲ πᾶν κατέστη ἀξιώματα, δι' ἣν ἀπὸ τῆς Ἀθήνας σοβαρὰν. Καὶ οἱ μετανάστευσαν· δὲ Κρῆτες καὶ συνοικισθέντες εἰς διάφορα μέρη τῆς Ἑλλάδος, ἔχοντες καὶ αὐτοὶ τὰς αὐτὰς
